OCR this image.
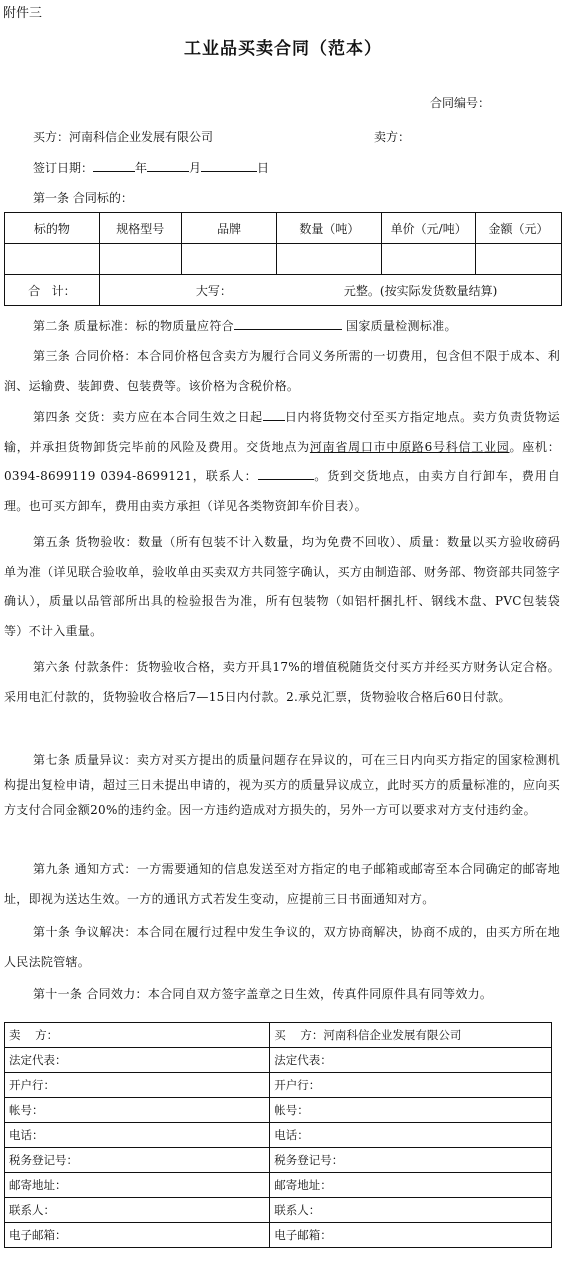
附件三
工业品买卖合同（范本）
合同编号：
买方：河南科信企业发展有限公司	卖方：
签订日期：	年	月	日
第一条 合同标的：
标的物	规格型号	品牌	数量（吨）	单价（元/吨）	金额（元）

合   计：	大写： 元整。(按实际发货数量结算)				
第二条 质量标准：标的物质量应符合	国家质量检测标准。
第三条 合同价格：本合同价格包含卖方为履行合同义务所需的一切费用，包含但不限于成本、利润、运输费、装卸费、包装费等。该价格为含税价格。
第四条 交货：卖方应在本合同生效之日起 日内将货物交付至买方指定地点。卖方负责货物运输，并承担货物卸货完毕前的风险及费用。交货地点为河南省周口市中原路6号科信工业园。座机：0394-8699119 0394-8699121，联系人：	。货到交货地点，由卖方自行卸车，费用自理。也可买方卸车，费用由卖方承担（详见各类物资卸车价目表）。
第五条 货物验收：数量（所有包装不计入数量，均为免费不回收）、质量：数量以买方验收磅码单为准（详见联合验收单，验收单由买卖双方共同签字确认，买方由制造部、财务部、物资部共同签字确认），质量以品管部所出具的检验报告为准，所有包装物（如铝杆捆扎杆、钢线木盘、PVC包装袋等）不计入重量。
第六条 付款条件：货物验收合格，卖方开具17%的增值税随货交付买方并经买方财务认定合格。采用电汇付款的，货物验收合格后7—15日内付款。2.承兑汇票，货物验收合格后60日付款。
第七条 质量异议：卖方对买方提出的质量问题存在异议的，可在三日内向买方指定的国家检测机构提出复检申请，超过三日未提出申请的，视为买方的质量异议成立，此时买方的质量标准的，应向买方支付合同金额20%的违约金。因一方违约造成对方损失的，另外一方可以要求对方支付违约金。
第九条 通知方式：一方需要通知的信息发送至对方指定的电子邮箱或邮寄至本合同确定的邮寄地址，即视为送达生效。一方的通讯方式若发生变动，应提前三日书面通知对方。
第十条 争议解决：本合同在履行过程中发生争议的，双方协商解决，协商不成的，由买方所在地人民法院管辖。
第十一条 合同效力：本合同自双方签字盖章之日生效，传真件同原件具有同等效力。
卖    方：	买    方：河南科信企业发展有限公司
法定代表：	法定代表：
开户行：	开户行：
帐号：	帐号：
电话：	电话：
税务登记号：	税务登记号：
邮寄地址：	邮寄地址：
联系人：	联系人：
电子邮箱：	电子邮箱：
